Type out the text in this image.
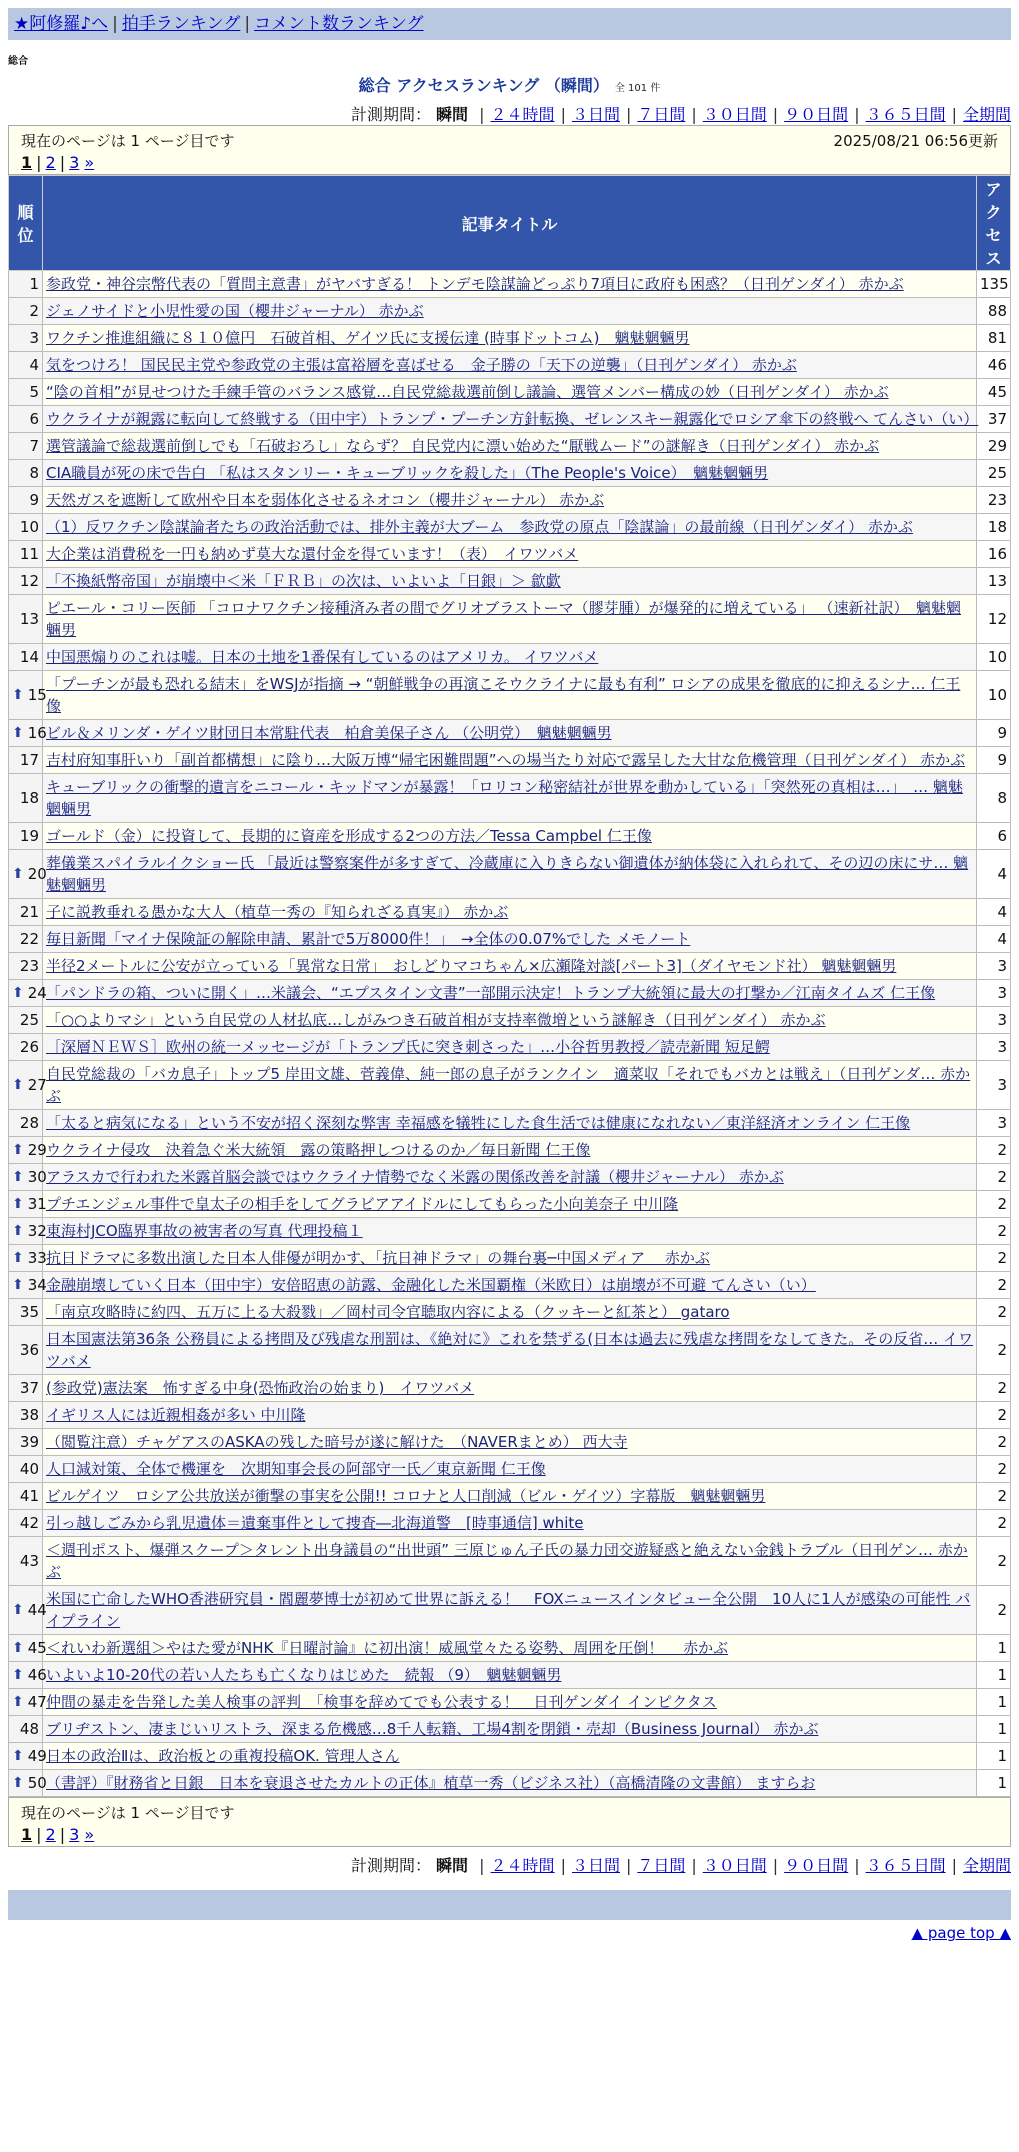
★阿修羅♪へ | 拍手ランキング | コメント数ランキング
総合
総合 アクセスランキング （瞬間） 全 101 件
計測期間： 瞬間 | ２４時間 | ３日間 | ７日間 | ３０日間 | ９０日間 | ３６５日間 | 全期間
現在のページは 1 ページ目です	2025/08/21 06:56更新
1 | 2 | 3 »
順位	記事タイトル	アクセス
1	参政党・神谷宗幣代表の「質問主意書」がヤバすぎる！ トンデモ陰謀論どっぷり7項目に政府も困惑？（日刊ゲンダイ） 赤かぶ	135
2	ジェノサイドと小児性愛の国（櫻井ジャーナル） 赤かぶ	88
3	ワクチン推進組織に８１０億円　石破首相、ゲイツ氏に支援伝達 (時事ドットコム)　魑魅魍魎男	81
4	気をつけろ！ 国民民主党や参政党の主張は富裕層を喜ばせる　金子勝の「天下の逆襲」（日刊ゲンダイ） 赤かぶ	46
5	“陰の首相”が見せつけた手練手管のバランス感覚…自民党総裁選前倒し議論、選管メンバー構成の妙（日刊ゲンダイ） 赤かぶ	45
6	ウクライナが親露に転向して終戦する（田中宇）トランプ・プーチン方針転換、ゼレンスキー親露化でロシア傘下の終戦へ てんさい（い）	37
7	選管議論で総裁選前倒しでも「石破おろし」ならず？ 自民党内に漂い始めた“厭戦ムード”の謎解き（日刊ゲンダイ） 赤かぶ	29
8	CIA職員が死の床で告白 「私はスタンリー・キューブリックを殺した」（The People's Voice）　魑魅魍魎男	25
9	天然ガスを遮断して欧州や日本を弱体化させるネオコン（櫻井ジャーナル） 赤かぶ	23
10	（1）反ワクチン陰謀論者たちの政治活動では、排外主義が大ブーム　参政党の原点「陰謀論」の最前線（日刊ゲンダイ） 赤かぶ	18
11	大企業は消費税を一円も納めず莫大な還付金を得ています！（表）　イワツバメ	16
12	「不換紙幣帝国」が崩壊中＜米「ＦＲＢ」の次は、いよいよ「日銀」＞ 歙歔	13
13	ピエール・コリー医師 「コロナワクチン接種済み者の間でグリオブラストーマ（膠芽腫）が爆発的に増えている」 （速新社訳）　魑魅魍魎男	12
14	中国悪煽りのこれは嘘。日本の土地を1番保有しているのはアメリカ。 イワツバメ	10

⬆ 15	「プーチンが最も恐れる結末」をWSJが指摘 → “朝鮮戦争の再演こそウクライナに最も有利” ロシアの成果を徹底的に抑えるシナ… 仁王像	10

⬆ 16	ビル＆メリンダ・ゲイツ財団日本常駐代表　柏倉美保子さん （公明党）　魑魅魍魎男	9
17	吉村府知事肝いり「副首都構想」に陰り…大阪万博“帰宅困難問題”への場当たり対応で露呈した大甘な危機管理（日刊ゲンダイ） 赤かぶ	9
18	キューブリックの衝撃的遺言をニコール・キッドマンが暴露！「ロリコン秘密結社が世界を動かしている」「突然死の真相は…」　… 魑魅魍魎男	8
19	ゴールド（金）に投資して、長期的に資産を形成する2つの方法／Tessa Campbel 仁王像	6

⬆ 20	葬儀業スパイラルイクショー氏 「最近は警察案件が多すぎて、冷蔵庫に入りきらない御遺体が納体袋に入れられて、その辺の床にサ… 魑魅魍魎男	4
21	子に説教垂れる愚かな大人（植草一秀の『知られざる真実』） 赤かぶ	4
22	毎日新聞「マイナ保険証の解除申請、累計で5万8000件！」　→全体の0.07%でした メモノート	4
23	半径2メートルに公安が立っている「異常な日常」　おしどりマコちゃん×広瀬隆対談[パート3]（ダイヤモンド社） 魑魅魍魎男	3

⬆ 24	「パンドラの箱、ついに開く」…米議会、“エプスタイン文書”一部開示決定！トランプ大統領に最大の打撃か／江南タイムズ 仁王像	3
25	「○○よりマシ」という自民党の人材払底…しがみつき石破首相が支持率微増という謎解き（日刊ゲンダイ） 赤かぶ	3
26	［深層ＮＥＷＳ］欧州の統一メッセージが「トランプ氏に突き刺さった」…小谷哲男教授／読売新聞 短足鰐	3

⬆ 27	自民党総裁の「バカ息子」トップ5 岸田文雄、菅義偉、純一郎の息子がランクイン　適菜収「それでもバカとは戦え」（日刊ゲンダ… 赤かぶ	3
28	「太ると病気になる」という不安が招く深刻な弊害 幸福感を犠牲にした食生活では健康になれない／東洋経済オンライン 仁王像	3

⬆ 29	ウクライナ侵攻　決着急ぐ米大統領　露の策略押しつけるのか／毎日新聞 仁王像	2

⬆ 30	アラスカで行われた米露首脳会談ではウクライナ情勢でなく米露の関係改善を討議（櫻井ジャーナル） 赤かぶ	2

⬆ 31	プチエンジェル事件で皇太子の相手をしてグラビアアイドルにしてもらった小向美奈子 中川隆	2

⬆ 32	東海村JCO臨界事故の被害者の写真 代理投稿１	2

⬆ 33	抗日ドラマに多数出演した日本人俳優が明かす、「抗日神ドラマ」の舞台裏─中国メディア　 赤かぶ	2

⬆ 34	金融崩壊していく日本（田中宇）安倍昭恵の訪露、金融化した米国覇権（米欧日）は崩壊が不可避 てんさい（い）	2
35	「南京攻略時に約四、五万に上る大殺戮」／岡村司令官聴取内容による（クッキーと紅茶と） gataro	2
36	日本国憲法第36条 公務員による拷問及び残虐な刑罰は、《絶対に》これを禁ずる(日本は過去に残虐な拷問をなしてきた。その反省… イワツバメ	2
37	(参政党)憲法案　怖すぎる中身(恐怖政治の始まり)　イワツバメ	2
38	イギリス人には近親相姦が多い 中川隆	2
39	（閲覧注意）チャゲアスのASKAの残した暗号が遂に解けた　（NAVERまとめ） 西大寺	2
40	人口減対策、全体で機運を　次期知事会長の阿部守一氏／東京新聞 仁王像	2
41	ビルゲイツ　ロシア公共放送が衝撃の事実を公開!! コロナと人口削減（ビル・ゲイツ）字幕版　魑魅魍魎男	2
42	引っ越しごみから乳児遺体＝遺棄事件として捜査―北海道警　[時事通信] white	2
43	＜週刊ポスト、爆弾スクープ＞タレント出身議員の“出世頭” 三原じゅん子氏の暴力団交遊疑惑と絶えない金銭トラブル（日刊ゲン… 赤かぶ	2

⬆ 44	米国に亡命したWHO香港研究員・閻麗夢博士が初めて世界に訴える！　FOXニュースインタビュー全公開　10人に1人が感染の可能性 パイプライン	2

⬆ 45	＜れいわ新選組＞やはた愛がNHK『日曜討論』に初出演！威風堂々たる姿勢、周囲を圧倒！　 赤かぶ	1

⬆ 46	いよいよ10-20代の若い人たちも亡くなりはじめた　続報 （9）　魑魅魍魎男	1

⬆ 47	仲間の暴走を告発した美人検事の評判　「検事を辞めてでも公表する！　日刊ゲンダイ インピクタス	1
48	ブリヂストン、凄まじいリストラ、深まる危機感…8千人転籍、工場4割を閉鎖・売却（Business Journal） 赤かぶ	1

⬆ 49	日本の政治Ⅱは、政治板との重複投稿OK. 管理人さん	1

⬆ 50	（書評）『財務省と日銀　日本を衰退させたカルトの正体』植草一秀（ビジネス社）（高橋清隆の文書館） ますらお	1
現在のページは 1 ページ目です
1 | 2 | 3 »
計測期間： 瞬間 | ２４時間 | ３日間 | ７日間 | ３０日間 | ９０日間 | ３６５日間 | 全期間
▲ page top ▲
